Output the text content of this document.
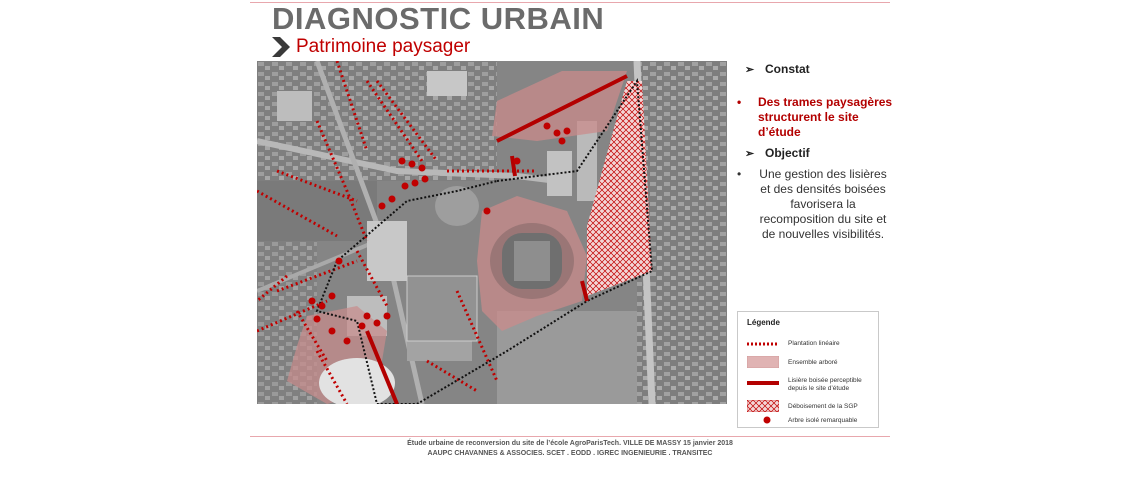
DIAGNOSTIC URBAIN
Patrimoine paysager
➢ Constat
•	Des trames paysagères structurent le site d’étude
➢ Objectif
•	Une gestion des lisières et des densités boisées favorisera la recomposition du site et de nouvelles visibilités.
Légende
Plantation linéaire
Ensemble arboré
Lisière boisée perceptible depuis le site d’étude
Déboisement de la SGP
Arbre isolé remarquable
Étude urbaine de reconversion du site de l’école AgroParisTech. VILLE DE MASSY 15 janvier 2018
AAUPC CHAVANNES & ASSOCIES. SCET . EODD . IGREC INGENIEURIE . TRANSITEC
